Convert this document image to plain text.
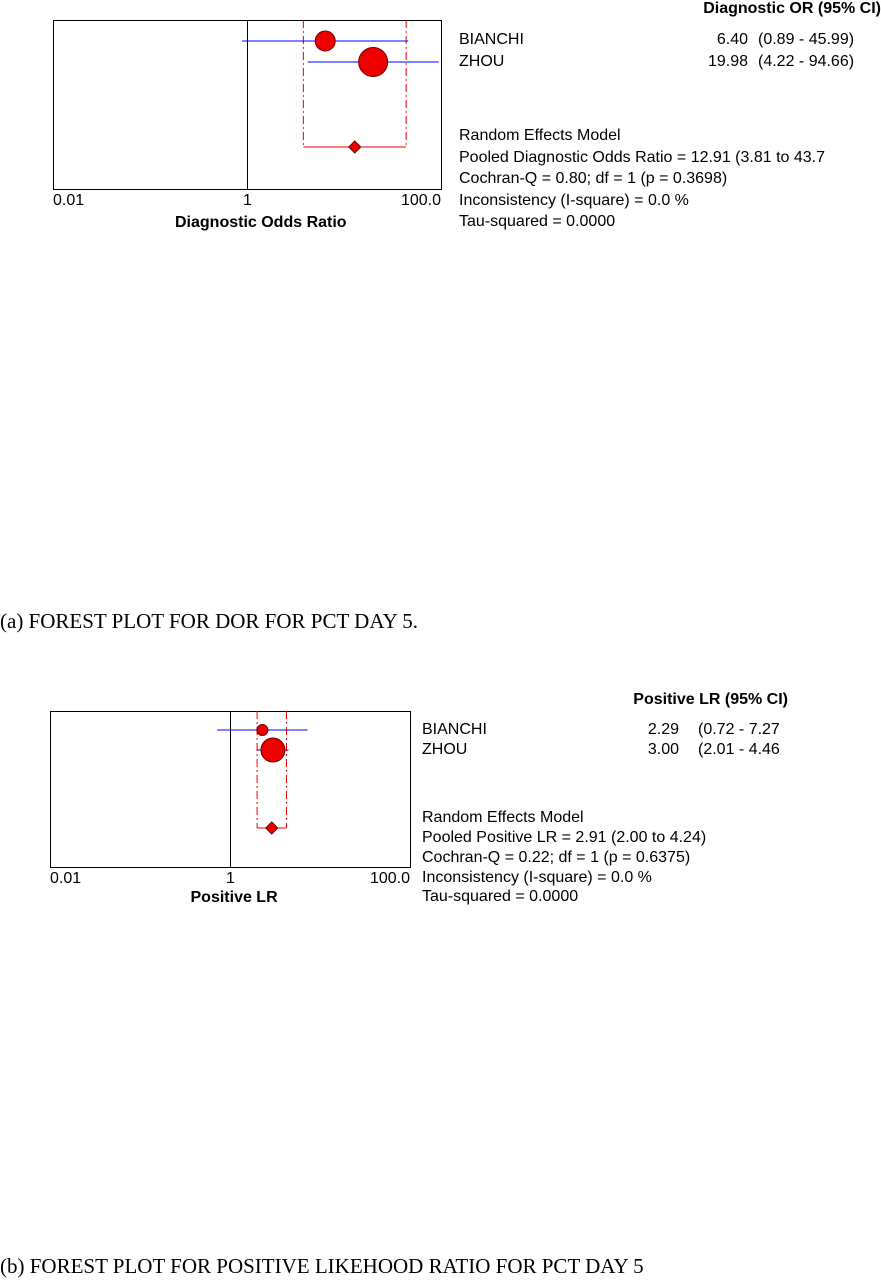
0.01	1	100.0
Diagnostic Odds Ratio
Diagnostic OR (95% CI)
BIANCHI	6.40 (0.89 - 45.99)
ZHOU	19.98 (4.22 - 94.66)
Random Effects Model
Pooled Diagnostic Odds Ratio = 12.91 (3.81 to 43.7
Cochran-Q = 0.80; df = 1 (p = 0.3698)
Inconsistency (I-square) = 0.0 %
Tau-squared = 0.0000
(a) FOREST PLOT FOR DOR FOR PCT DAY 5.
0.01	1	100.0
Positive LR
Positive LR (95% CI)
BIANCHI	2.29 (0.72 - 7.27
ZHOU	3.00 (2.01 - 4.46
Random Effects Model
Pooled Positive LR = 2.91 (2.00 to 4.24)
Cochran-Q = 0.22; df = 1 (p = 0.6375)
Inconsistency (I-square) = 0.0 %
Tau-squared = 0.0000
(b) FOREST PLOT FOR POSITIVE LIKEHOOD RATIO FOR PCT DAY 5
